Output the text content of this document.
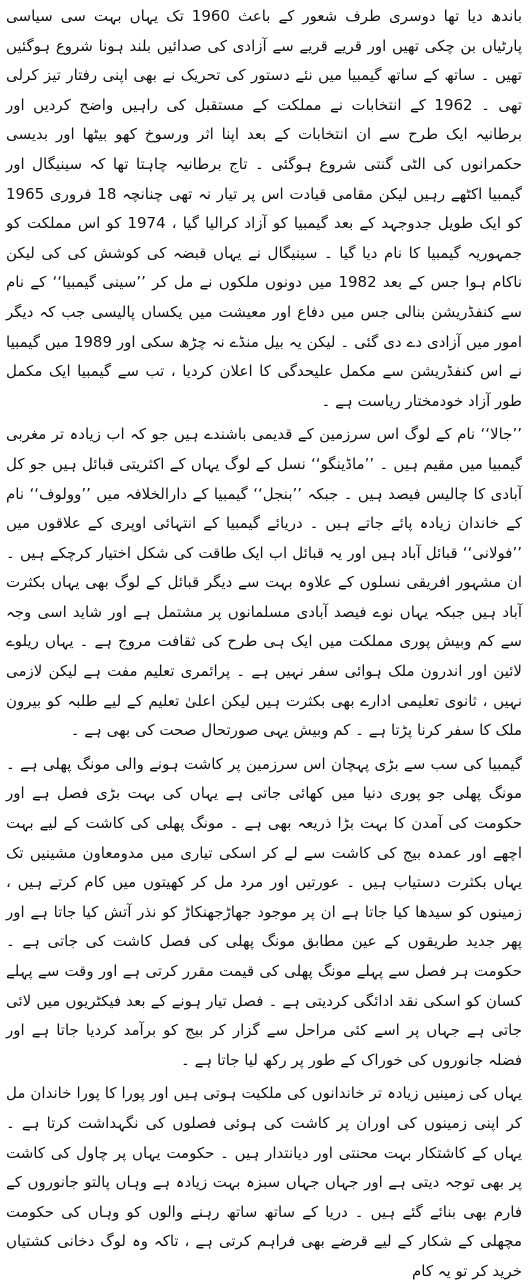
باندھ دیا تھا دوسری طرف شعور کے باعث 1960 تک یہاں بہت سی سیاسی پارٹیاں بن چکی تھیں اور قریے قریے سے آزادی کی صدائیں بلند ہونا شروع ہوگئیں تھیں ۔ ساتھ کے ساتھ گیمبیا میں نئے دستور کی تحریک نے بھی اپنی رفتار تیز کرلی تھی ۔ 1962 کے انتخابات نے مملکت کے مستقبل کی راہیں واضح کردیں اور برطانیہ ایک طرح سے ان انتخابات کے بعد اپنا اثر ورسوخ کھو بیٹھا اور بدیسی حکمرانوں کی الٹی گنتی شروع ہوگئی ۔ تاج برطانیہ چاہتا تھا کہ سینیگال اور گیمبیا اکٹھے رہیں لیکن مقامی قیادت اس پر تیار نہ تھی چنانچہ 18 فروری 1965 کو ایک طویل جدوجہد کے بعد گیمبیا کو آزاد کرالیا گیا ، 1974 کو اس مملکت کو جمہوریہ گیمبیا کا نام دیا گیا ۔ سینیگال نے یہاں قبضہ کی کوشش کی کی لیکن ناکام ہوا جس کے بعد 1982 میں دونوں ملکوں نے مل کر ’’سینی گیمبیا‘‘ کے نام سے کنفڈریشن بنالی جس میں دفاع اور معیشت میں یکساں پالیسی جب کہ دیگر امور میں آزادی دے دی گئی ۔ لیکن یہ بیل منڈے نہ چڑھ سکی اور 1989 میں گیمبیا نے اس کنفڈریشن سے مکمل علیحدگی کا اعلان کردیا ، تب سے گیمبیا ایک مکمل طور آزاد خودمختار ریاست ہے ۔

’’جالا‘‘ نام کے لوگ اس سرزمین کے قدیمی باشندے ہیں جو کہ اب زیادہ تر مغربی گیمبیا میں مقیم ہیں ۔ ’’ماڈینگو‘‘ نسل کے لوگ یہاں کے اکثریتی قبائل ہیں جو کل آبادی کا چالیس فیصد ہیں ۔ جبکہ ’’بنجل‘‘ گیمبیا کے دارالخلافہ میں ’’وولوف‘‘ نام کے خاندان زیادہ پائے جاتے ہیں ۔ دریائے گیمبیا کے انتہائی اوپری کے علاقوں میں ’’فولانی‘‘ قبائل آباد ہیں اور یہ قبائل اب ایک طاقت کی شکل اختیار کرچکے ہیں ۔ ان مشہور افریقی نسلوں کے علاوہ بہت سے دیگر قبائل کے لوگ بھی یہاں بکثرت آباد ہیں جبکہ یہاں نوے فیصد آبادی مسلمانوں پر مشتمل ہے اور شاید اسی وجہ سے کم وبیش پوری مملکت میں ایک ہی طرح کی ثقافت مروج ہے ۔ یہاں ریلوے لائین اور اندرون ملک ہوائی سفر نہیں ہے ۔ پرائمری تعلیم مفت ہے لیکن لازمی نہیں ، ثانوی تعلیمی ادارے بھی بکثرت ہیں لیکن اعلیٰ تعلیم کے لیے طلبہ کو بیرون ملک کا سفر کرنا پڑتا ہے ۔ کم وبیش یہی صورتحال صحت کی بھی ہے ۔

گیمبیا کی سب سے بڑی پہچان اس سرزمین پر کاشت ہونے والی مونگ پھلی ہے ۔ مونگ پھلی جو پوری دنیا میں کھائی جاتی ہے یہاں کی بہت بڑی فصل ہے اور حکومت کی آمدن کا بہت بڑا ذریعہ بھی ہے ۔ مونگ پھلی کی کاشت کے لیے بہت اچھے اور عمدہ بیج کی کاشت سے لے کر اسکی تیاری میں مدومعاون مشینیں تک یہاں بکثرت دستیاب ہیں ۔ عورتیں اور مرد مل کر کھیتوں میں کام کرتے ہیں ، زمینوں کو سیدھا کیا جاتا ہے ان پر موجود جھاڑجھنکاڑ کو نذر آتش کیا جاتا ہے اور پھر جدید طریقوں کے عین مطابق مونگ پھلی کی فصل کاشت کی جاتی ہے ۔ حکومت ہر فصل سے پہلے مونگ پھلی کی قیمت مقرر کرتی ہے اور وقت سے پہلے کسان کو اسکی نقد ادائگی کردیتی ہے ۔ فصل تیار ہونے کے بعد فیکٹریوں میں لائی جاتی ہے جہاں پر اسے کئی مراحل سے گزار کر بیج کو برآمد کردیا جاتا ہے اور فضلہ جانوروں کی خوراک کے طور پر رکھ لیا جاتا ہے ۔

یہاں کی زمینیں زیادہ تر خاندانوں کی ملکیت ہوتی ہیں اور پورا کا پورا خاندان مل کر اپنی زمینوں کی اوران پر کاشت کی ہوئی فصلوں کی نگہداشت کرتا ہے ۔ یہاں کے کاشتکار بہت محنتی اور دیانتدار ہیں ۔ حکومت یہاں پر چاول کی کاشت پر بھی توجہ دیتی ہے اور جہاں جہاں سبزہ بہت زیادہ ہے وہاں پالتو جانوروں کے فارم بھی بنائے گئے ہیں ۔ دریا کے ساتھ ساتھ رہنے والوں کو وہاں کی حکومت مچھلی کے شکار کے لیے قرضے بھی فراہم کرتی ہے ، تاکہ وہ لوگ دخانی کشتیاں خرید کر تو یہ کام
